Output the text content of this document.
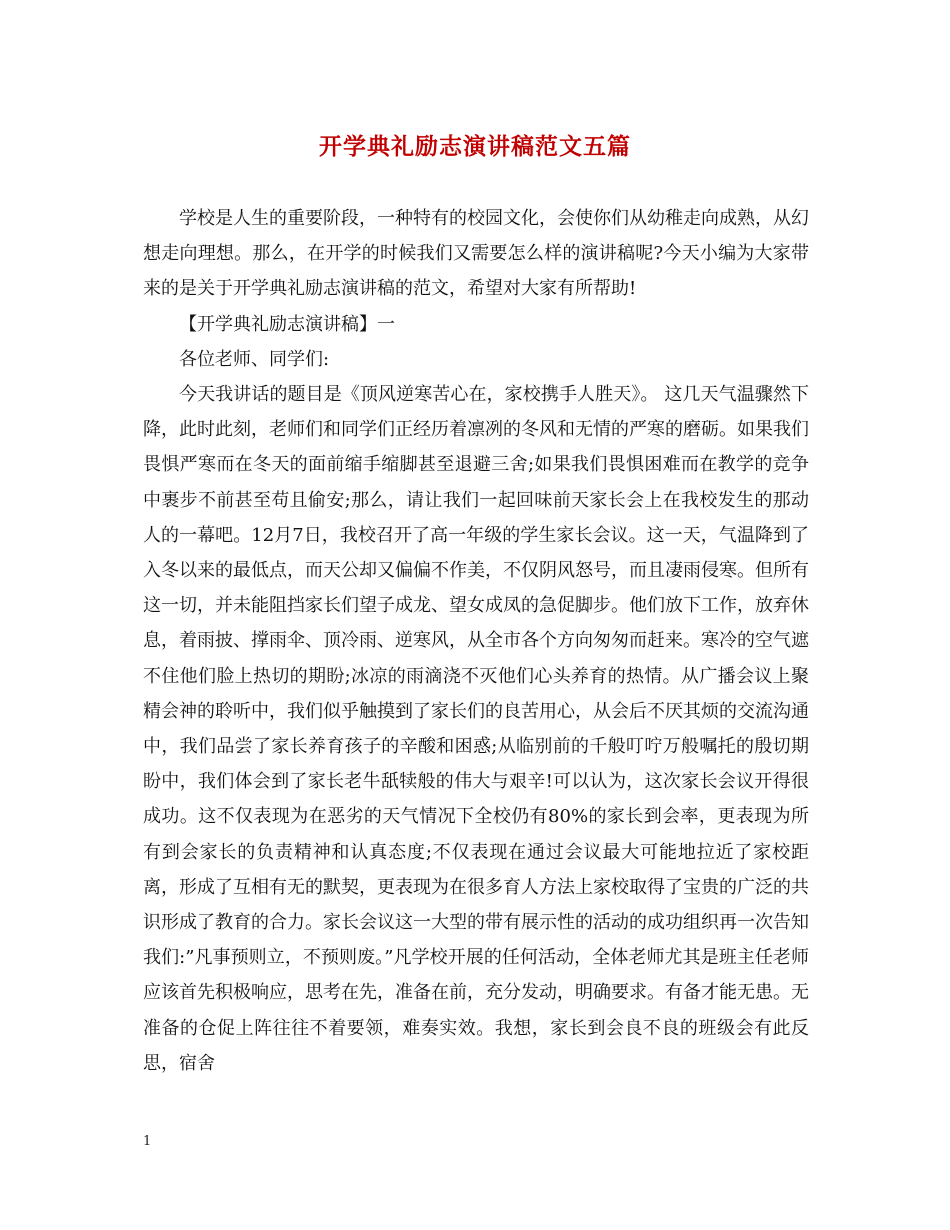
开学典礼励志演讲稿范文五篇

学校是人生的重要阶段，一种特有的校园文化，会使你们从幼稚走向成熟，从幻想走向理想。那么，在开学的时候我们又需要怎么样的演讲稿呢?今天小编为大家带来的是关于开学典礼励志演讲稿的范文，希望对大家有所帮助!

【开学典礼励志演讲稿】一

各位老师、同学们:

今天我讲话的题目是《顶风逆寒苦心在，家校携手人胜天》。 这几天气温骤然下降，此时此刻，老师们和同学们正经历着凛冽的冬风和无情的严寒的磨砺。如果我们畏惧严寒而在冬天的面前缩手缩脚甚至退避三舍;如果我们畏惧困难而在教学的竞争中裹步不前甚至苟且偷安;那么，请让我们一起回味前天家长会上在我校发生的那动人的一幕吧。12月7日，我校召开了高一年级的学生家长会议。这一天，气温降到了入冬以来的最低点，而天公却又偏偏不作美，不仅阴风怒号，而且凄雨侵寒。但所有这一切，并未能阻挡家长们望子成龙、望女成凤的急促脚步。他们放下工作，放弃休息，着雨披、撑雨伞、顶冷雨、逆寒风，从全市各个方向匆匆而赶来。寒冷的空气遮不住他们脸上热切的期盼;冰凉的雨滴浇不灭他们心头养育的热情。从广播会议上聚精会神的聆听中，我们似乎触摸到了家长们的良苦用心，从会后不厌其烦的交流沟通中，我们品尝了家长养育孩子的辛酸和困惑;从临别前的千般叮咛万般嘱托的殷切期盼中，我们体会到了家长老牛舐犊般的伟大与艰辛!可以认为，这次家长会议开得很成功。这不仅表现为在恶劣的天气情况下全校仍有80%的家长到会率，更表现为所有到会家长的负责精神和认真态度;不仅表现在通过会议最大可能地拉近了家校距离，形成了互相有无的默契，更表现为在很多育人方法上家校取得了宝贵的广泛的共识形成了教育的合力。家长会议这一大型的带有展示性的活动的成功组织再一次告知我们:”凡事预则立，不预则废。”凡学校开展的任何活动，全体老师尤其是班主任老师应该首先积极响应，思考在先，准备在前，充分发动，明确要求。有备才能无患。无准备的仓促上阵往往不着要领，难奏实效。我想，家长到会良不良的班级会有此反思，宿舍

1
